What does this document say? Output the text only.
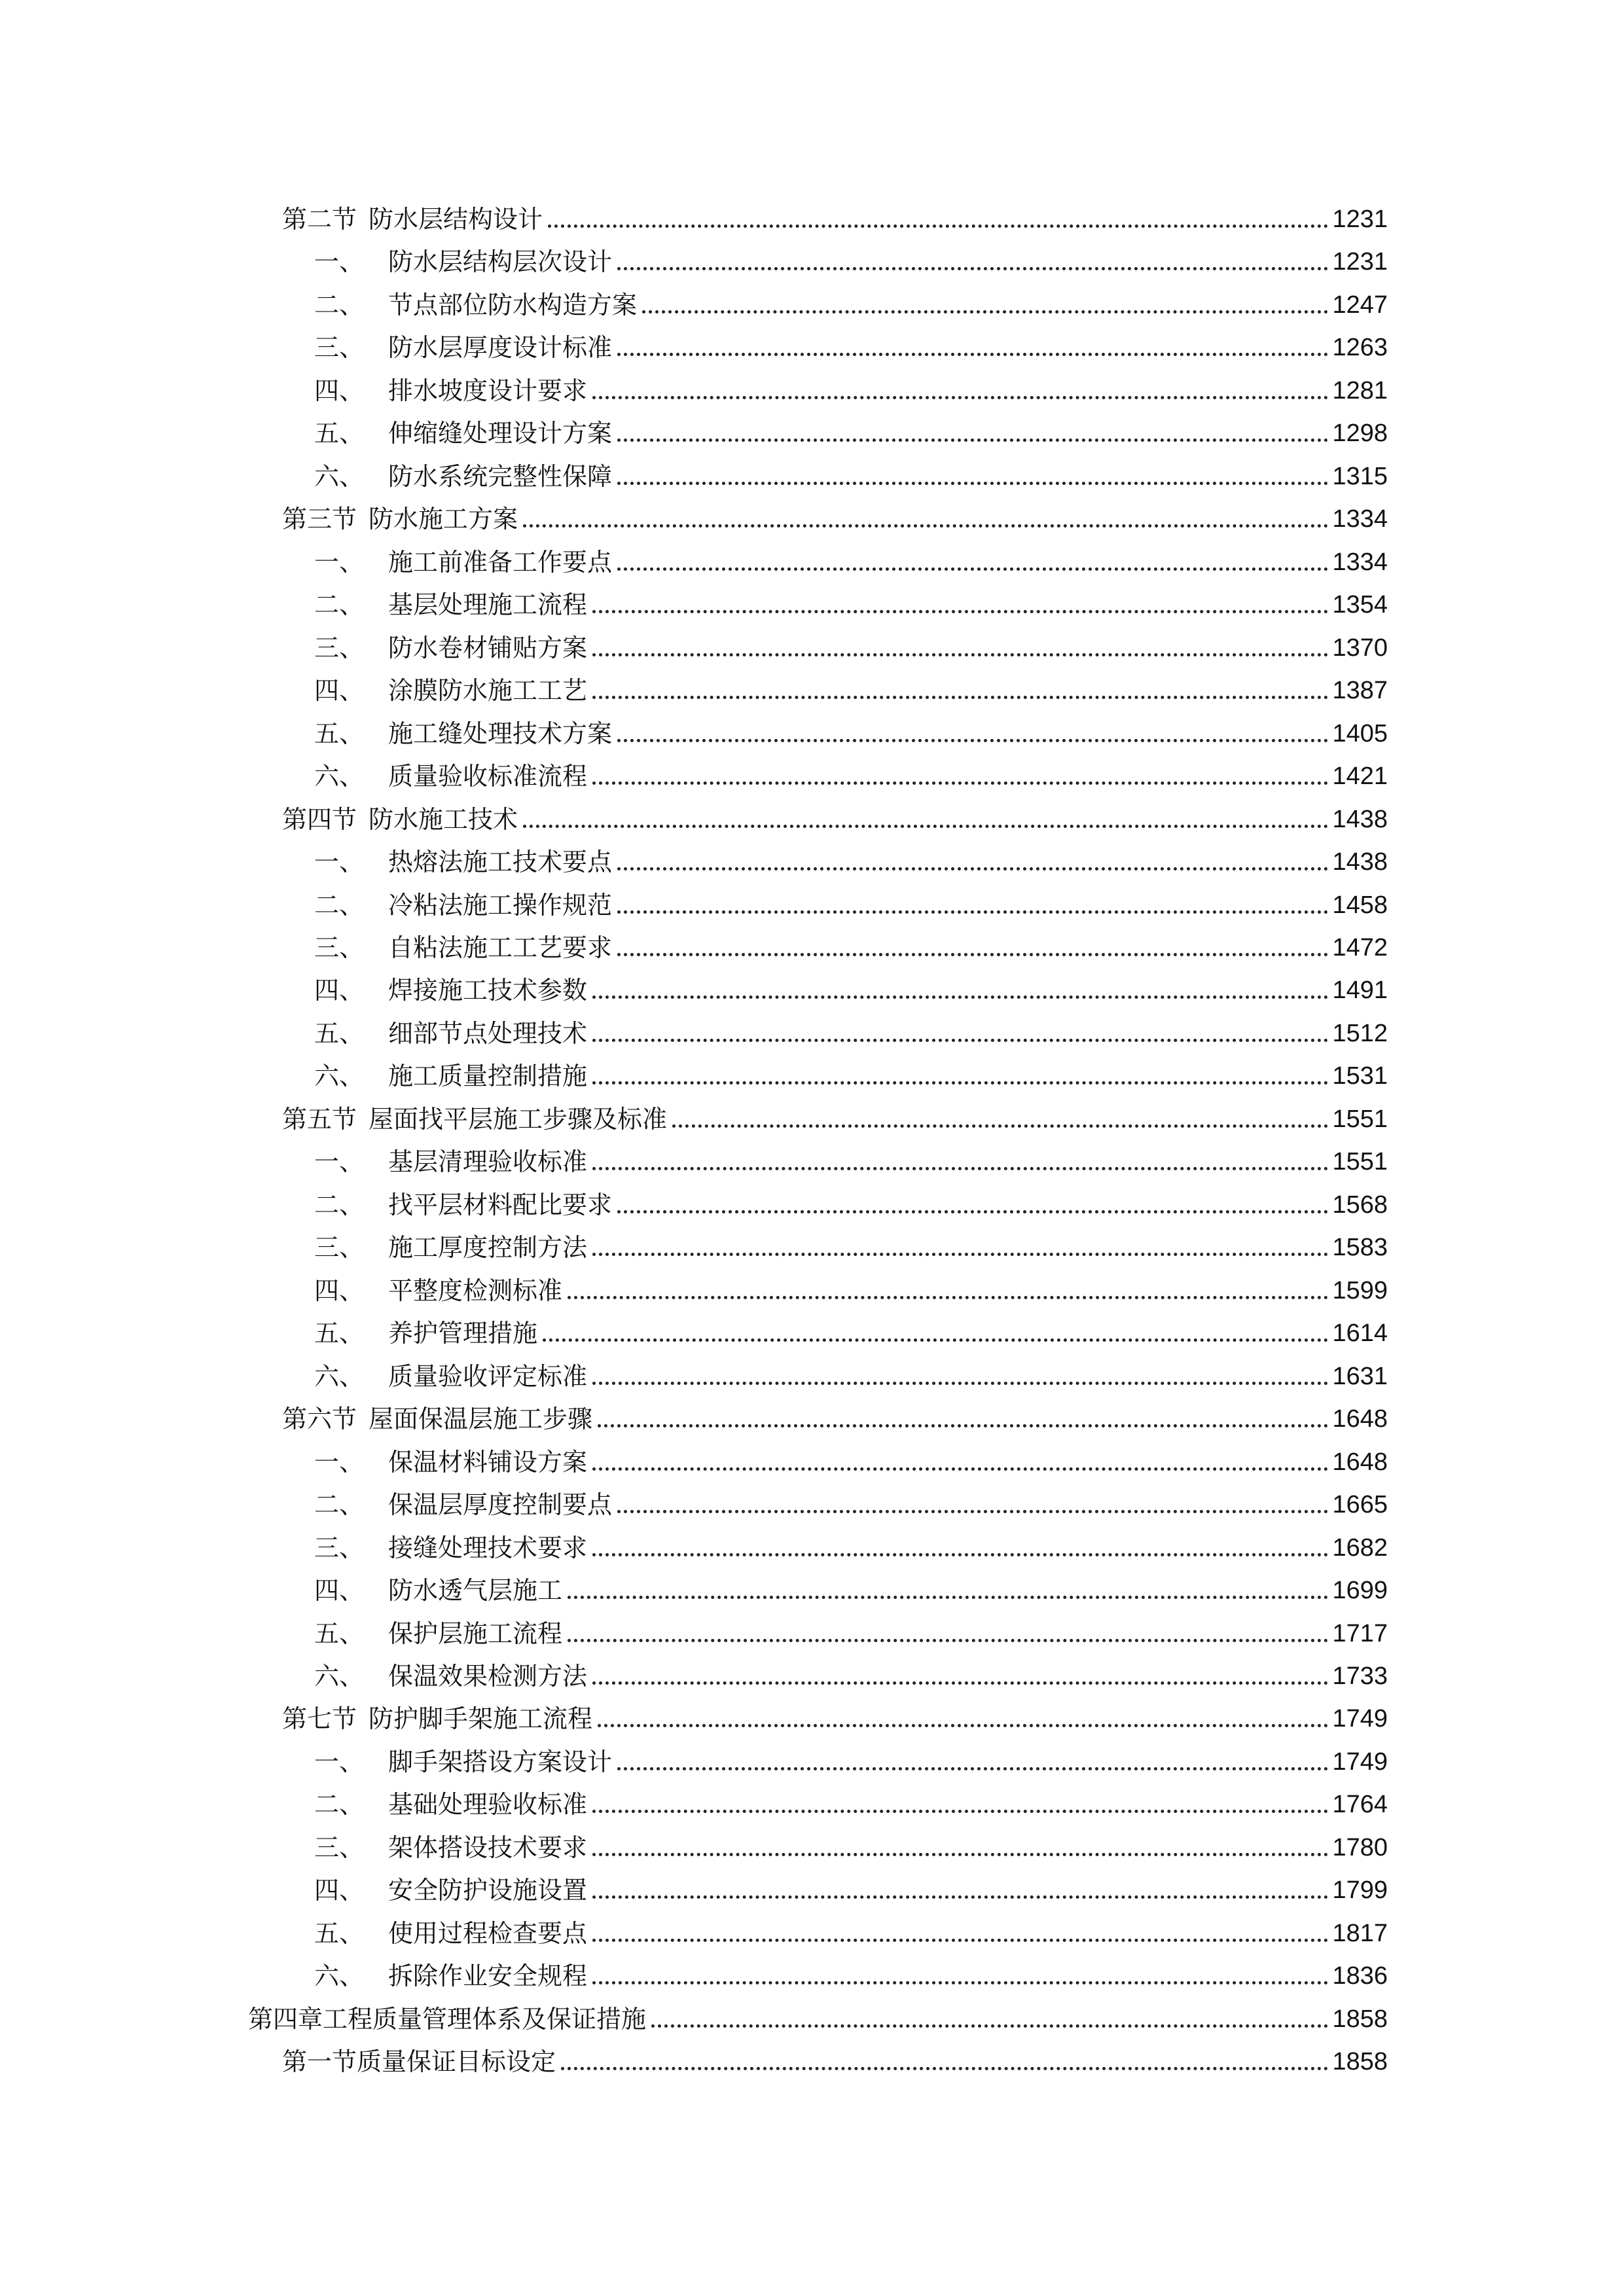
第二节 防水层结构设计	1231
一、 防水层结构层次设计	1231
二、 节点部位防水构造方案	1247
三、 防水层厚度设计标准	1263
四、 排水坡度设计要求	1281
五、 伸缩缝处理设计方案	1298
六、 防水系统完整性保障	1315
第三节 防水施工方案	1334
一、 施工前准备工作要点	1334
二、 基层处理施工流程	1354
三、 防水卷材铺贴方案	1370
四、 涂膜防水施工工艺	1387
五、 施工缝处理技术方案	1405
六、 质量验收标准流程	1421
第四节 防水施工技术	1438
一、 热熔法施工技术要点	1438
二、 冷粘法施工操作规范	1458
三、 自粘法施工工艺要求	1472
四、 焊接施工技术参数	1491
五、 细部节点处理技术	1512
六、 施工质量控制措施	1531
第五节 屋面找平层施工步骤及标准	1551
一、 基层清理验收标准	1551
二、 找平层材料配比要求	1568
三、 施工厚度控制方法	1583
四、 平整度检测标准	1599
五、 养护管理措施	1614
六、 质量验收评定标准	1631
第六节 屋面保温层施工步骤	1648
一、 保温材料铺设方案	1648
二、 保温层厚度控制要点	1665
三、 接缝处理技术要求	1682
四、 防水透气层施工	1699
五、 保护层施工流程	1717
六、 保温效果检测方法	1733
第七节 防护脚手架施工流程	1749
一、 脚手架搭设方案设计	1749
二、 基础处理验收标准	1764
三、 架体搭设技术要求	1780
四、 安全防护设施设置	1799
五、 使用过程检查要点	1817
六、 拆除作业安全规程	1836
第四章工程质量管理体系及保证措施	1858
第一节质量保证目标设定	1858
